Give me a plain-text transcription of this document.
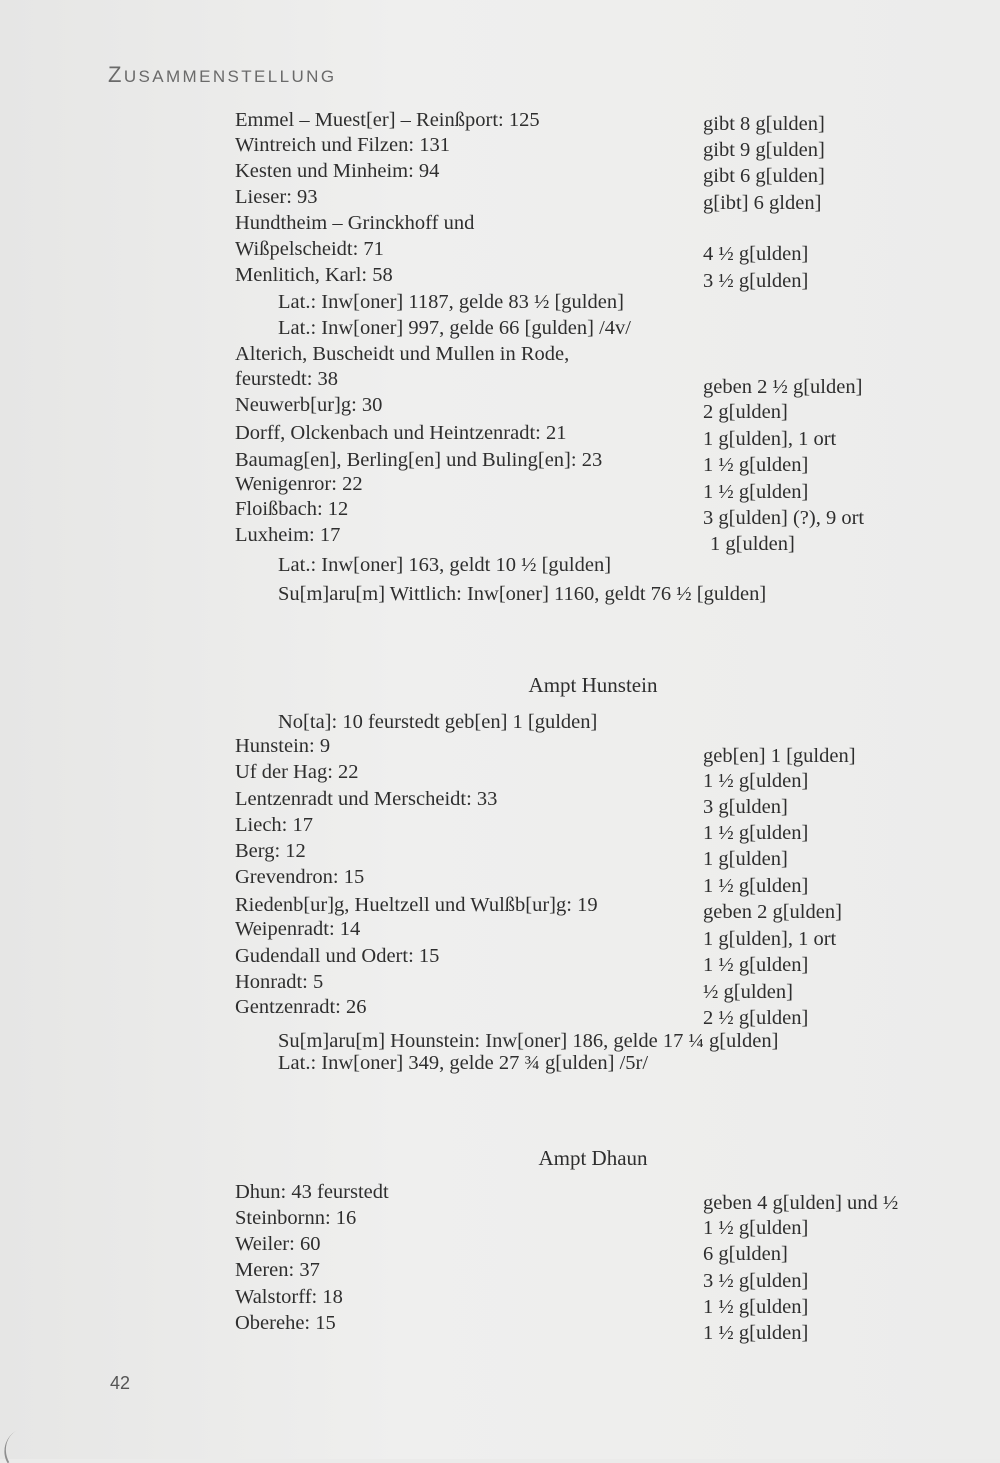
ZUSAMMENSTELLUNG
Emmel – Muest[er] – Reinßport: 125	gibt 8 g[ulden]
Wintreich und Filzen: 131	gibt 9 g[ulden]
Kesten und Minheim: 94	gibt 6 g[ulden]
Lieser: 93	g[ibt] 6 glden]
Hundtheim – Grinckhoff und
Wißpelscheidt: 71	4 ½ g[ulden]
Menlitich, Karl: 58	3 ½ g[ulden]
Lat.: Inw[oner] 1187, gelde 83 ½ [gulden]
Lat.: Inw[oner] 997, gelde 66 [gulden] /4v/
Alterich, Buscheidt und Mullen in Rode,
feurstedt: 38	geben 2 ½ g[ulden]
Neuwerb[ur]g: 30	2 g[ulden]
Dorff, Olckenbach und Heintzenradt: 21	1 g[ulden], 1 ort
Baumag[en], Berling[en] und Buling[en]: 23	1 ½ g[ulden]
Wenigenror: 22	1 ½ g[ulden]
Floißbach: 12	3 g[ulden] (?), 9 ort
Luxheim: 17	1 g[ulden]
Lat.: Inw[oner] 163, geldt 10 ½ [gulden]
Su[m]aru[m] Wittlich: Inw[oner] 1160, geldt 76 ½ [gulden]
Ampt Hunstein
No[ta]: 10 feurstedt geb[en] 1 [gulden]
Hunstein: 9	geb[en] 1 [gulden]
Uf der Hag: 22	1 ½ g[ulden]
Lentzenradt und Merscheidt: 33	3 g[ulden]
Liech: 17	1 ½ g[ulden]
Berg: 12	1 g[ulden]
Grevendron: 15	1 ½ g[ulden]
Riedenb[ur]g, Hueltzell und Wulßb[ur]g: 19	geben 2 g[ulden]
Weipenradt: 14	1 g[ulden], 1 ort
Gudendall und Odert: 15	1 ½ g[ulden]
Honradt: 5	½ g[ulden]
Gentzenradt: 26	2 ½ g[ulden]
Su[m]aru[m] Hounstein: Inw[oner] 186, gelde 17 ¼ g[ulden]
Lat.: Inw[oner] 349, gelde 27 ¾ g[ulden] /5r/
Ampt Dhaun
Dhun: 43 feurstedt	geben 4 g[ulden] und ½
Steinbornn: 16	1 ½ g[ulden]
Weiler: 60	6 g[ulden]
Meren: 37	3 ½ g[ulden]
Walstorff: 18	1 ½ g[ulden]
Oberehe: 15	1 ½ g[ulden]
42
